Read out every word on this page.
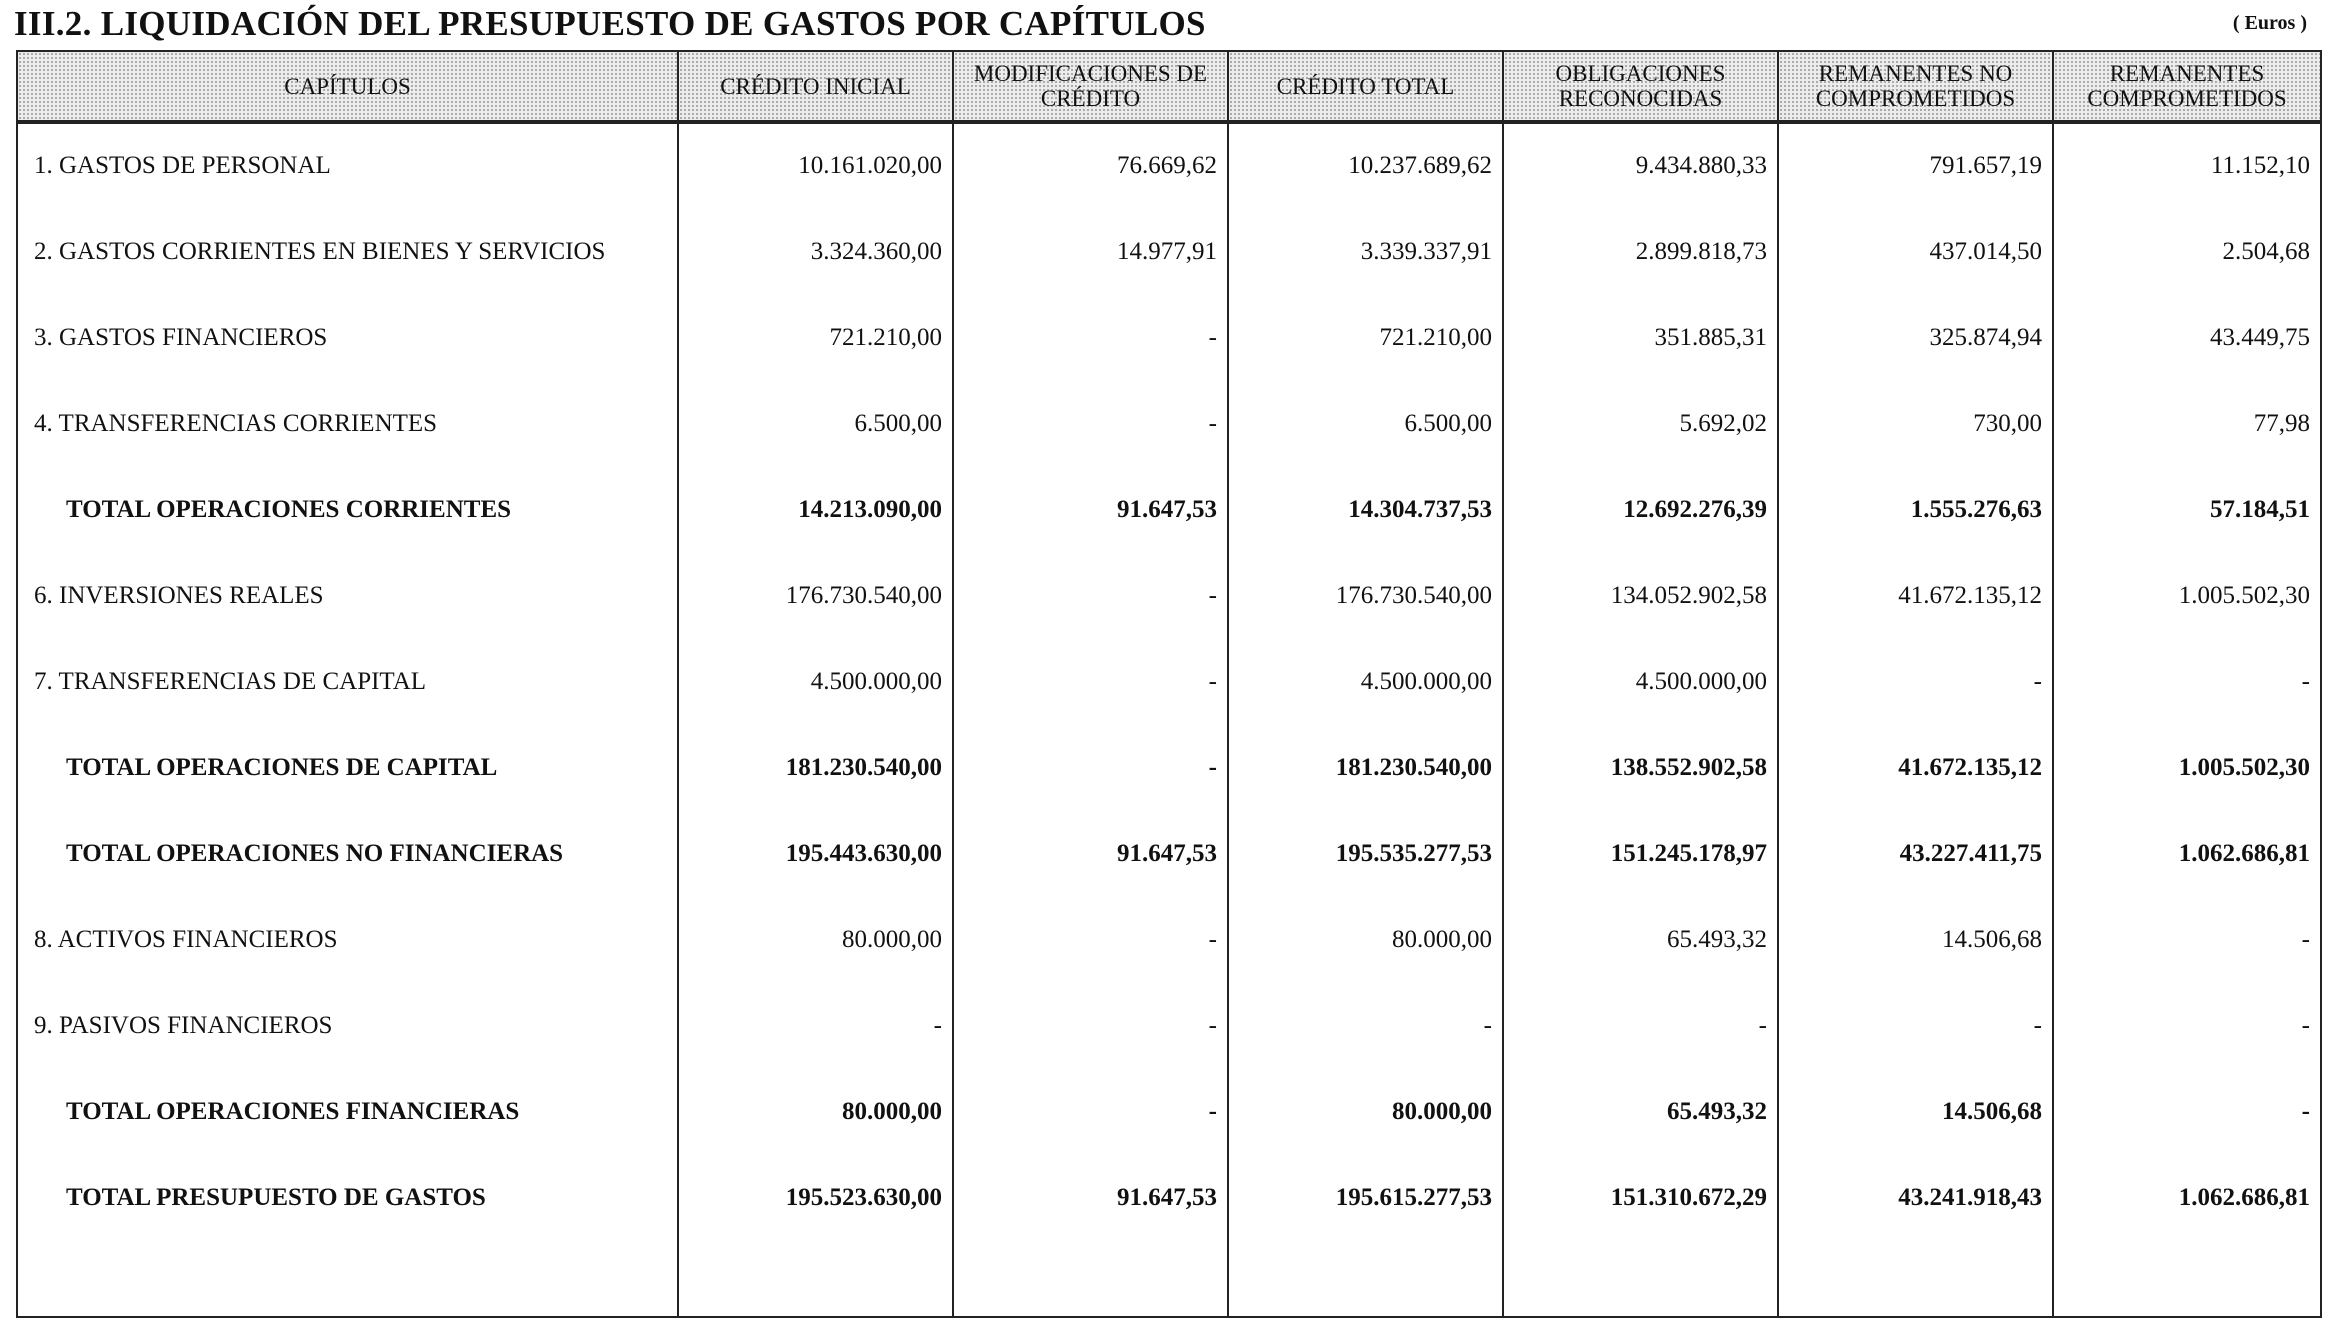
III.2. LIQUIDACIÓN DEL PRESUPUESTO DE GASTOS POR CAPÍTULOS	( Euros )
CAPÍTULOS	CRÉDITO INICIAL	MODIFICACIONES DE CRÉDITO	CRÉDITO TOTAL	OBLIGACIONES RECONOCIDAS	REMANENTES NO COMPROMETIDOS	REMANENTES COMPROMETIDOS
1. GASTOS DE PERSONAL	10.161.020,00	76.669,62	10.237.689,62	9.434.880,33	791.657,19	11.152,10
2. GASTOS CORRIENTES EN BIENES Y SERVICIOS	3.324.360,00	14.977,91	3.339.337,91	2.899.818,73	437.014,50	2.504,68
3. GASTOS FINANCIEROS	721.210,00	-	721.210,00	351.885,31	325.874,94	43.449,75
4. TRANSFERENCIAS CORRIENTES	6.500,00	-	6.500,00	5.692,02	730,00	77,98
TOTAL OPERACIONES CORRIENTES	14.213.090,00	91.647,53	14.304.737,53	12.692.276,39	1.555.276,63	57.184,51
6. INVERSIONES REALES	176.730.540,00	-	176.730.540,00	134.052.902,58	41.672.135,12	1.005.502,30
7. TRANSFERENCIAS DE CAPITAL	4.500.000,00	-	4.500.000,00	4.500.000,00	-	-
TOTAL OPERACIONES DE CAPITAL	181.230.540,00	-	181.230.540,00	138.552.902,58	41.672.135,12	1.005.502,30
TOTAL OPERACIONES NO FINANCIERAS	195.443.630,00	91.647,53	195.535.277,53	151.245.178,97	43.227.411,75	1.062.686,81
8. ACTIVOS FINANCIEROS	80.000,00	-	80.000,00	65.493,32	14.506,68	-
9. PASIVOS FINANCIEROS	-	-	-	-	-	-
TOTAL OPERACIONES FINANCIERAS	80.000,00	-	80.000,00	65.493,32	14.506,68	-
TOTAL PRESUPUESTO DE GASTOS	195.523.630,00	91.647,53	195.615.277,53	151.310.672,29	43.241.918,43	1.062.686,81
